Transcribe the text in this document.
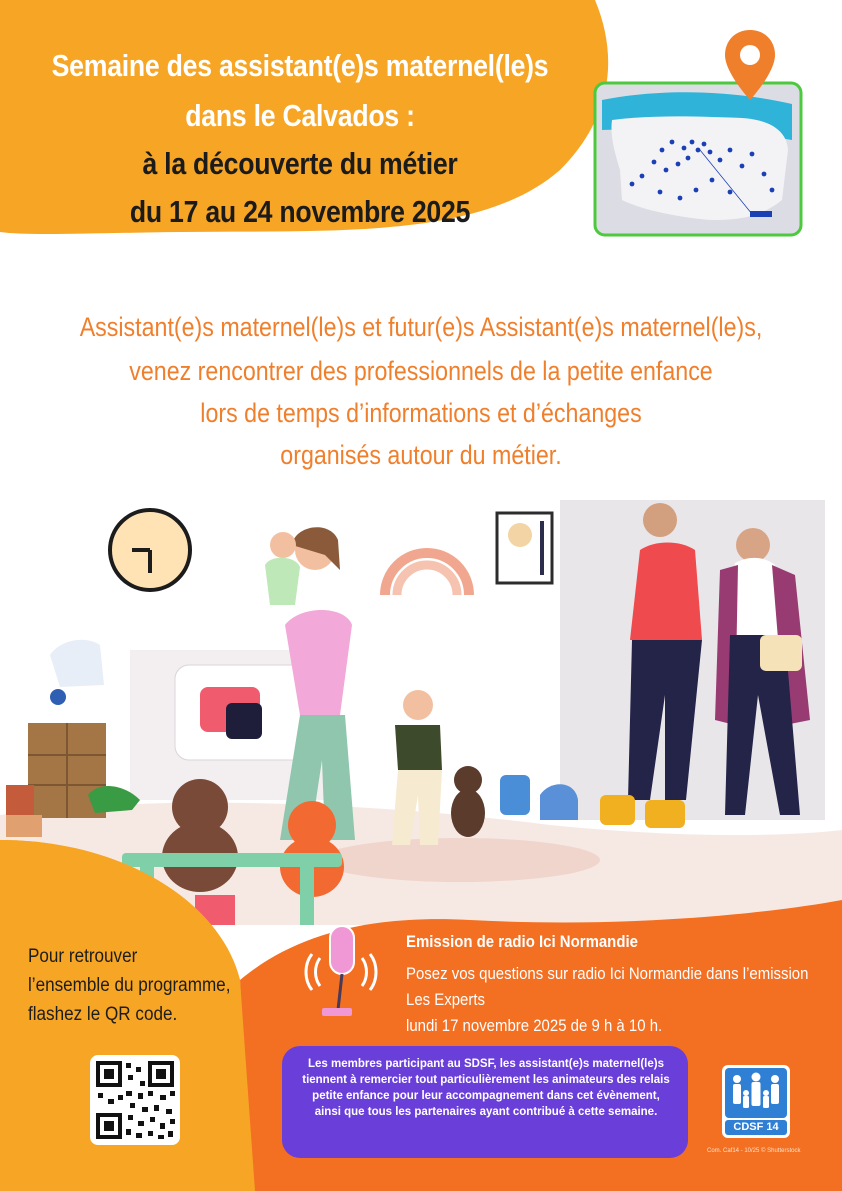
Semaine des assistant(e)s maternel(le)s
dans le Calvados :
à la découverte du métier
du 17 au 24 novembre 2025
Assistant(e)s maternel(le)s et futur(e)s Assistant(e)s maternel(le)s,
venez rencontrer des professionnels de la petite enfance
lors de temps d’informations et d’échanges
organisés autour du métier.
Pour retrouver
l’ensemble du programme,
flashez le QR code.
Emission de radio Ici Normandie
Posez vos questions sur radio Ici Normandie dans l’emission
Les Experts
lundi 17 novembre 2025 de 9 h à 10 h.
Les membres participant au SDSF, les assistant(e)s maternel(le)s tiennent à remercier tout particulièrement les animateurs des relais petite enfance pour leur accompagnement dans cet évènement, ainsi que tous les partenaires ayant contribué à cette semaine.
CDSF 14
Com. Caf14 - 10/25 © Shutterstock
